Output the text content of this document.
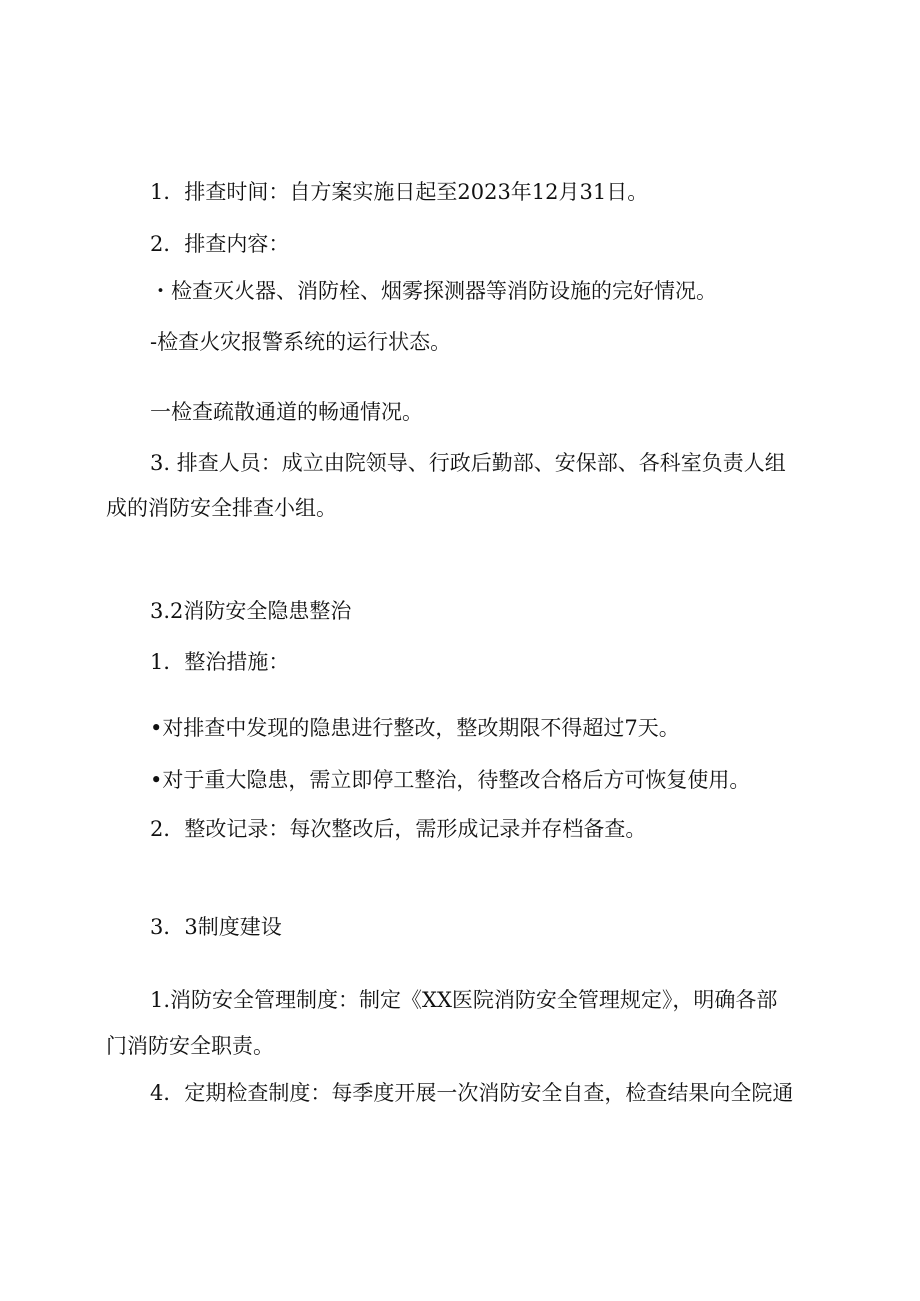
1．排查时间：自方案实施日起至2023年12月31日。
2．排查内容：
・检查灭火器、消防栓、烟雾探测器等消防设施的完好情况。
-检查火灾报警系统的运行状态。
一检查疏散通道的畅通情况。
3. 排查人员：成立由院领导、行政后勤部、安保部、各科室负责人组
成的消防安全排查小组。
3.2消防安全隐患整治
1．整治措施：
•对排查中发现的隐患进行整改，整改期限不得超过7天。
•对于重大隐患，需立即停工整治，待整改合格后方可恢复使用。
2．整改记录：每次整改后，需形成记录并存档备查。
3．3制度建设
1.消防安全管理制度：制定《XX医院消防安全管理规定》，明确各部
门消防安全职责。
4．定期检查制度：每季度开展一次消防安全自查，检查结果向全院通
